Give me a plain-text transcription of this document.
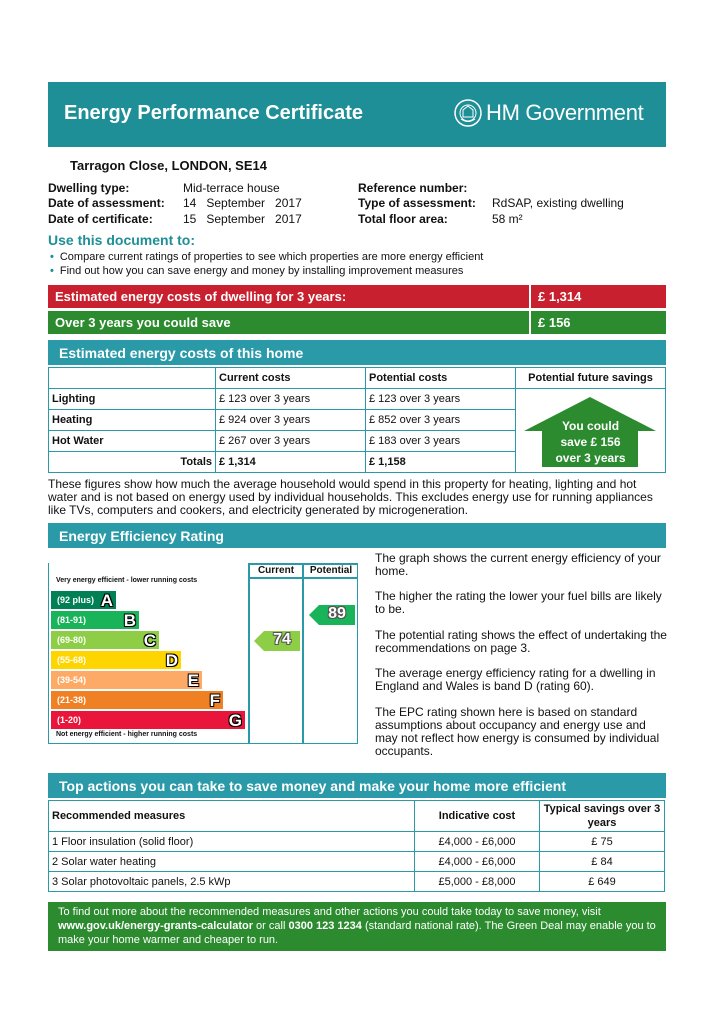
Energy Performance Certificate	HM Government
Tarragon Close, LONDON, SE14
Dwelling type:	Mid-terrace house
Date of assessment: 14   September   2017
Date of certificate:	15   September   2017
Reference number:
Type of assessment: RdSAP, existing dwelling
Total floor area:	58 m²
Use this document to:
• Compare current ratings of properties to see which properties are more energy efficient
• Find out how you can save energy and money by installing improvement measures
Estimated energy costs of dwelling for 3 years:	£ 1,314
Over 3 years you could save	£ 156
Estimated energy costs of this home
	Current costs	Potential costs	Potential future savings
Lighting	£ 123 over 3 years	£ 123 over 3 years	You could
save £ 156
over 3 years

Heating	£ 924 over 3 years	£ 852 over 3 years	
Hot Water	£ 267 over 3 years	£ 183 over 3 years	
Totals	£ 1,314	£ 1,158	
These figures show how much the average household would spend in this property for heating, lighting and hot water and is not based on energy used by individual households. This excludes energy use for running appliances like TVs, computers and cookers, and electricity generated by microgeneration.
Energy Efficiency Rating
Current	Potential
Very energy efficient - lower running costs
Not energy efficient - higher running costs
(92 plus) A
(81-91) B
(69-80)	C
(55-68)	D
(39-54)	E
(21-38)	F
(1-20)	G
74
89
The graph shows the current energy efficiency of your home.
The higher the rating the lower your fuel bills are likely to be.
The potential rating shows the effect of undertaking the recommendations on page 3.
The average energy efficiency rating for a dwelling in England and Wales is band D (rating 60).
The EPC rating shown here is based on standard assumptions about occupancy and energy use and may not reflect how energy is consumed by individual occupants.
Top actions you can take to save money and make your home more efficient
Recommended measures	Indicative cost	Typical savings over 3 years
1 Floor insulation (solid floor)	£4,000 - £6,000	£ 75
2 Solar water heating	£4,000 - £6,000	£ 84
3 Solar photovoltaic panels, 2.5 kWp	£5,000 - £8,000	£ 649
To find out more about the recommended measures and other actions you could take today to save money, visit www.gov.uk/energy-grants-calculator or call 0300 123 1234 (standard national rate). The Green Deal may enable you to make your home warmer and cheaper to run.
